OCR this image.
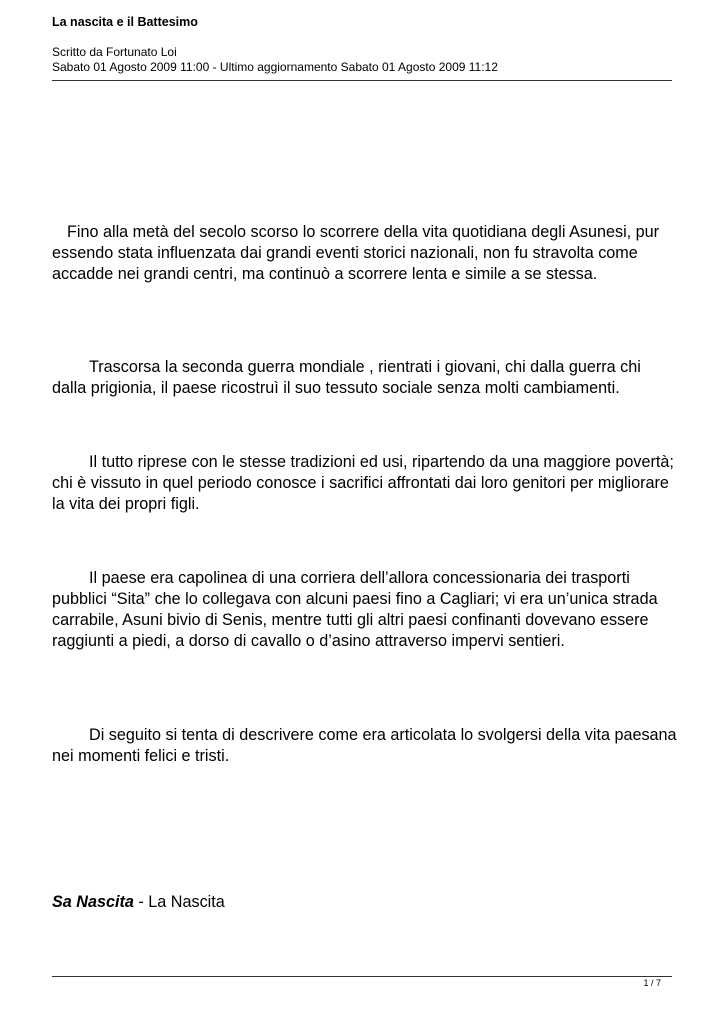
La nascita e il Battesimo
Scritto da Fortunato Loi
Sabato 01 Agosto 2009 11:00 - Ultimo aggiornamento Sabato 01 Agosto 2009 11:12

Fino alla metà del secolo scorso lo scorrere della vita quotidiana degli Asunesi, pur essendo stata influenzata dai grandi eventi storici nazionali, non fu stravolta come accadde nei grandi centri, ma continuò a scorrere lenta e simile a se stessa.

Trascorsa la seconda guerra mondiale , rientrati i giovani, chi dalla guerra chi dalla prigionia, il paese ricostruì il suo tessuto sociale senza molti cambiamenti.

Il tutto riprese con le stesse tradizioni ed usi, ripartendo da una maggiore povertà; chi è vissuto in quel periodo conosce i sacrifici affrontati dai loro genitori per migliorare la vita dei propri figli.

Il paese era capolinea di una corriera dell’allora concessionaria dei trasporti pubblici “Sita” che lo collegava con alcuni paesi fino a Cagliari; vi era un’unica strada carrabile, Asuni bivio di Senis, mentre tutti gli altri paesi confinanti dovevano essere raggiunti a piedi, a dorso di cavallo o d’asino attraverso impervi sentieri.

Di seguito si tenta di descrivere come era articolata lo svolgersi della vita paesana nei momenti felici e tristi.

Sa Nascita - La Nascita
1 / 7
